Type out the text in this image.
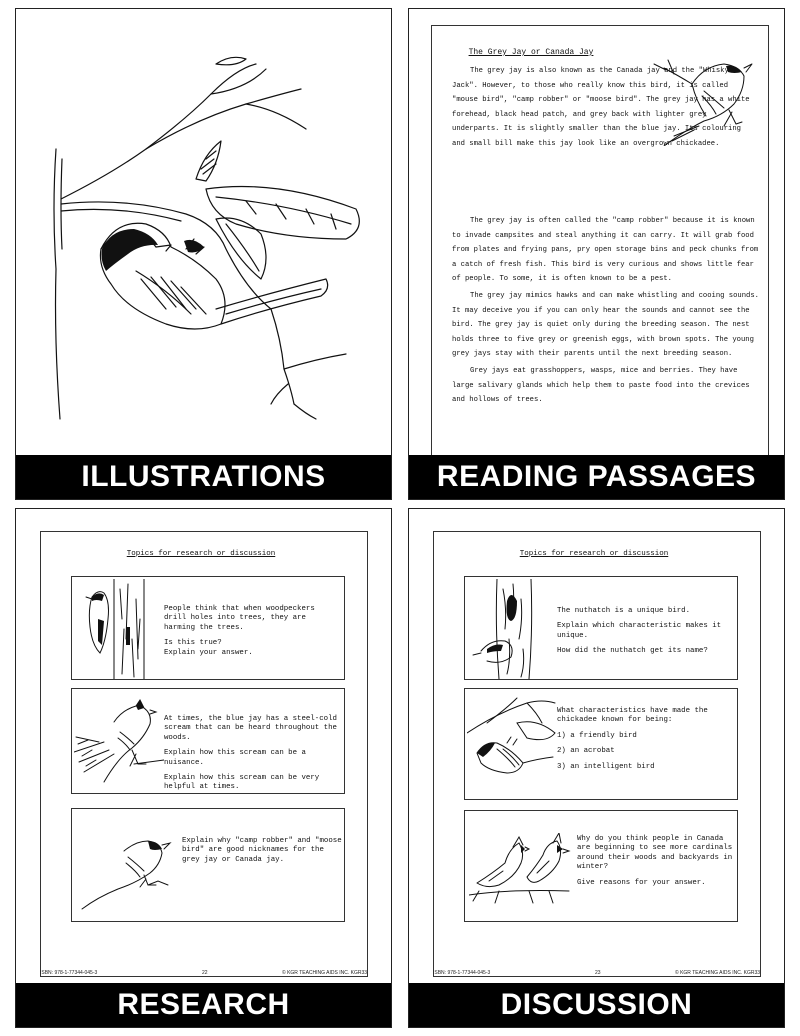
ILLUSTRATIONS
The Grey Jay or Canada Jay

The grey jay is also known as the Canada jay and the "Whisky Jack". However, to those who really know this bird, it is called "mouse bird", "camp robber" or "moose bird". The grey jay has a white forehead, black head patch, and grey back with lighter grey underparts. It is slightly smaller than the blue jay. Its colouring and small bill make this jay look like an overgrown chickadee.

The grey jay is often called the "camp robber" because it is known to invade campsites and steal anything it can carry. It will grab food from plates and frying pans, pry open storage bins and peck chunks from a catch of fresh fish. This bird is very curious and shows little fear of people. To some, it is often known to be a pest.

The grey jay mimics hawks and can make whistling and cooing sounds. It may deceive you if you can only hear the sounds and cannot see the bird. The grey jay is quiet only during the breeding season. The nest holds three to five grey or greenish eggs, with brown spots. The young grey jays stay with their parents until the next breeding season.

Grey jays eat grasshoppers, wasps, mice and berries. They have large salivary glands which help them to paste food into the crevices and hollows of trees.

READING PASSAGES
Topics for research or discussion

People think that when woodpeckers drill holes into trees, they are harming the trees.

Is this true?
Explain your answer.

At times, the blue jay has a steel-cold scream that can be heard throughout the woods.

Explain how this scream can be a nuisance.

Explain how this scream can be very helpful at times.

Explain why "camp robber" and "moose bird" are good nicknames for the grey jay or Canada jay.

ISBN: 978-1-77344-045-3	22	© KGR TEACHING AIDS INC. KGR33
RESEARCH
Topics for research or discussion

The nuthatch is a unique bird.

Explain which characteristic makes it unique.

How did the nuthatch get its name?

What characteristics have made the chickadee known for being:

1) a friendly bird

2) an acrobat

3) an intelligent bird

Why do you think people in Canada are beginning to see more cardinals around their woods and backyards in winter?

Give reasons for your answer.

ISBN: 978-1-77344-045-3	23	© KGR TEACHING AIDS INC. KGR33
DISCUSSION
